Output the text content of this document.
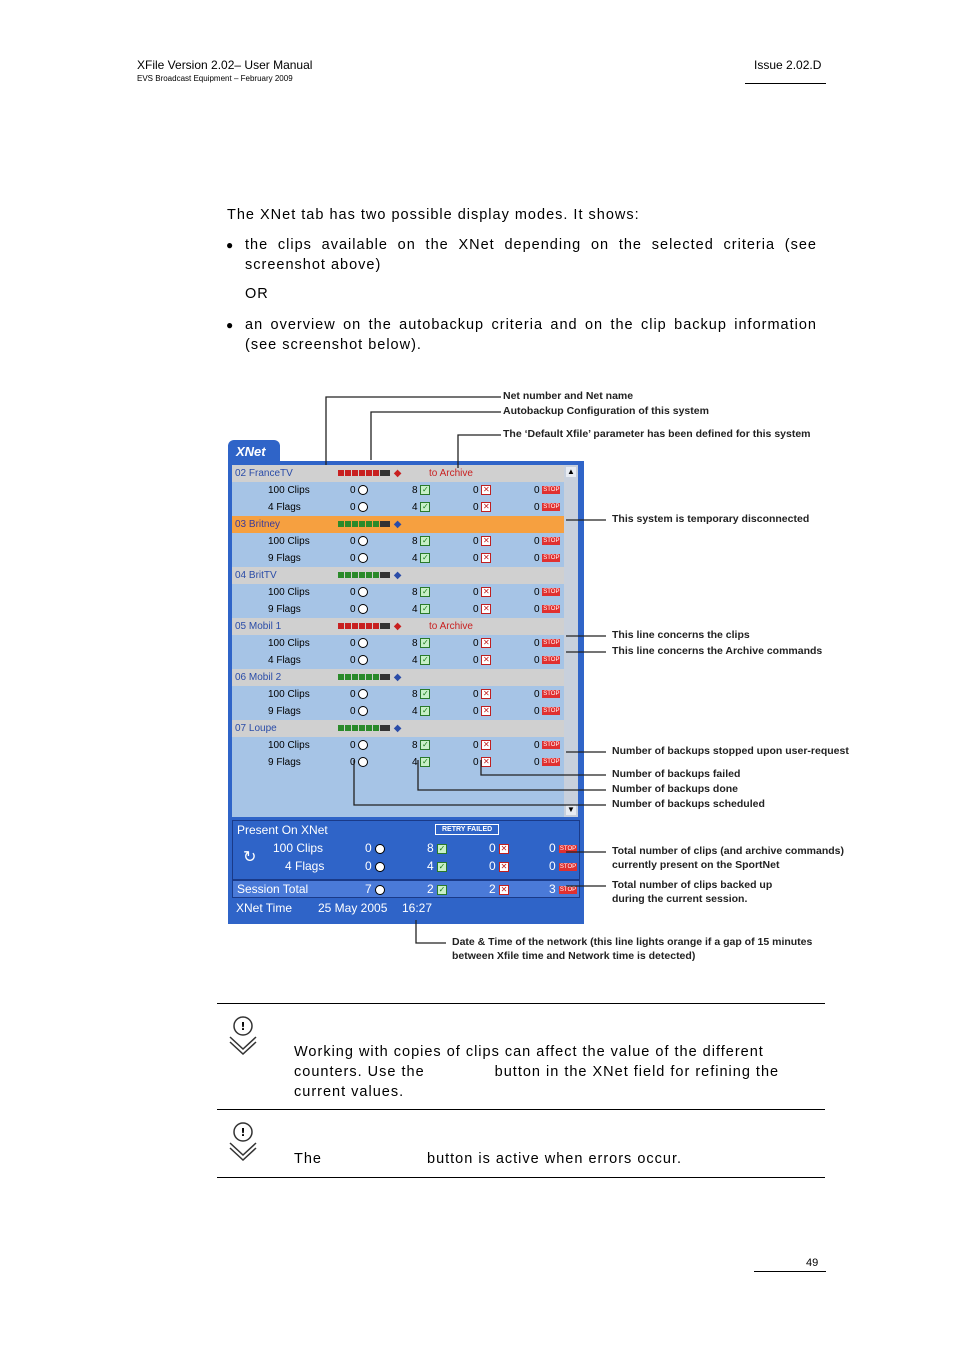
XFile Version 2.02– User Manual
EVS Broadcast Equipment – February 2009
Issue 2.02.D
The XNet tab has two possible display modes. It shows:
● the clips available on the XNet depending on the selected criteria (see screenshot above)
OR
● an overview on the autobackup criteria and on the clip backup information (see screenshot below).
XNet
02 FranceTV	◆	to Archive
100 Clips	0	8 ✓	0 ✕	0 STOP
4 Flags	0	4 ✓	0 ✕	0 STOP
03 Britney	◆
100 Clips	0	8 ✓	0 ✕	0 STOP
9 Flags	0	4 ✓	0 ✕	0 STOP
04 BritTV	◆
100 Clips	0	8 ✓	0 ✕	0 STOP
9 Flags	0	4 ✓	0 ✕	0 STOP
05 Mobil 1	◆	to Archive
100 Clips	0	8 ✓	0 ✕	0 STOP
4 Flags	0	4 ✓	0 ✕	0 STOP
06 Mobil 2	◆
100 Clips	0	8 ✓	0 ✕	0 STOP
9 Flags	0	4 ✓	0 ✕	0 STOP
07 Loupe	◆
100 Clips	0	8 ✓	0 ✕	0 STOP
9 Flags	0	4 ✓	0 ✕	0 STOP
▲
▼
Present On XNet	RETRY FAILED
↻
100 Clips	0	8 ✓	0 ✕	0 STOP
4 Flags	0	4 ✓	0 ✕	0 STOP
Session Total	7	2 ✓	2 ✕	3 STOP
XNet Time 25 May 2005 16:27
Net number and Net name
Autobackup Configuration of this system
The ‘Default Xfile’ parameter has been defined for this system
This system is temporary disconnected
This line concerns the clips
This line concerns the Archive commands
Number of backups stopped upon user-request
Number of backups failed
Number of backups done
Number of backups scheduled
Total number of clips (and archive commands)
currently present on the SportNet
Total number of clips backed up
during the current session.
Date & Time of the network (this line lights orange if a gap of 15 minutes
between Xfile time and Network time is detected)
!
Working with copies of clips can affect the value of the different counters. Use the	button in the XNet field for refining the current values.
!
The	button is active when errors occur.
49
